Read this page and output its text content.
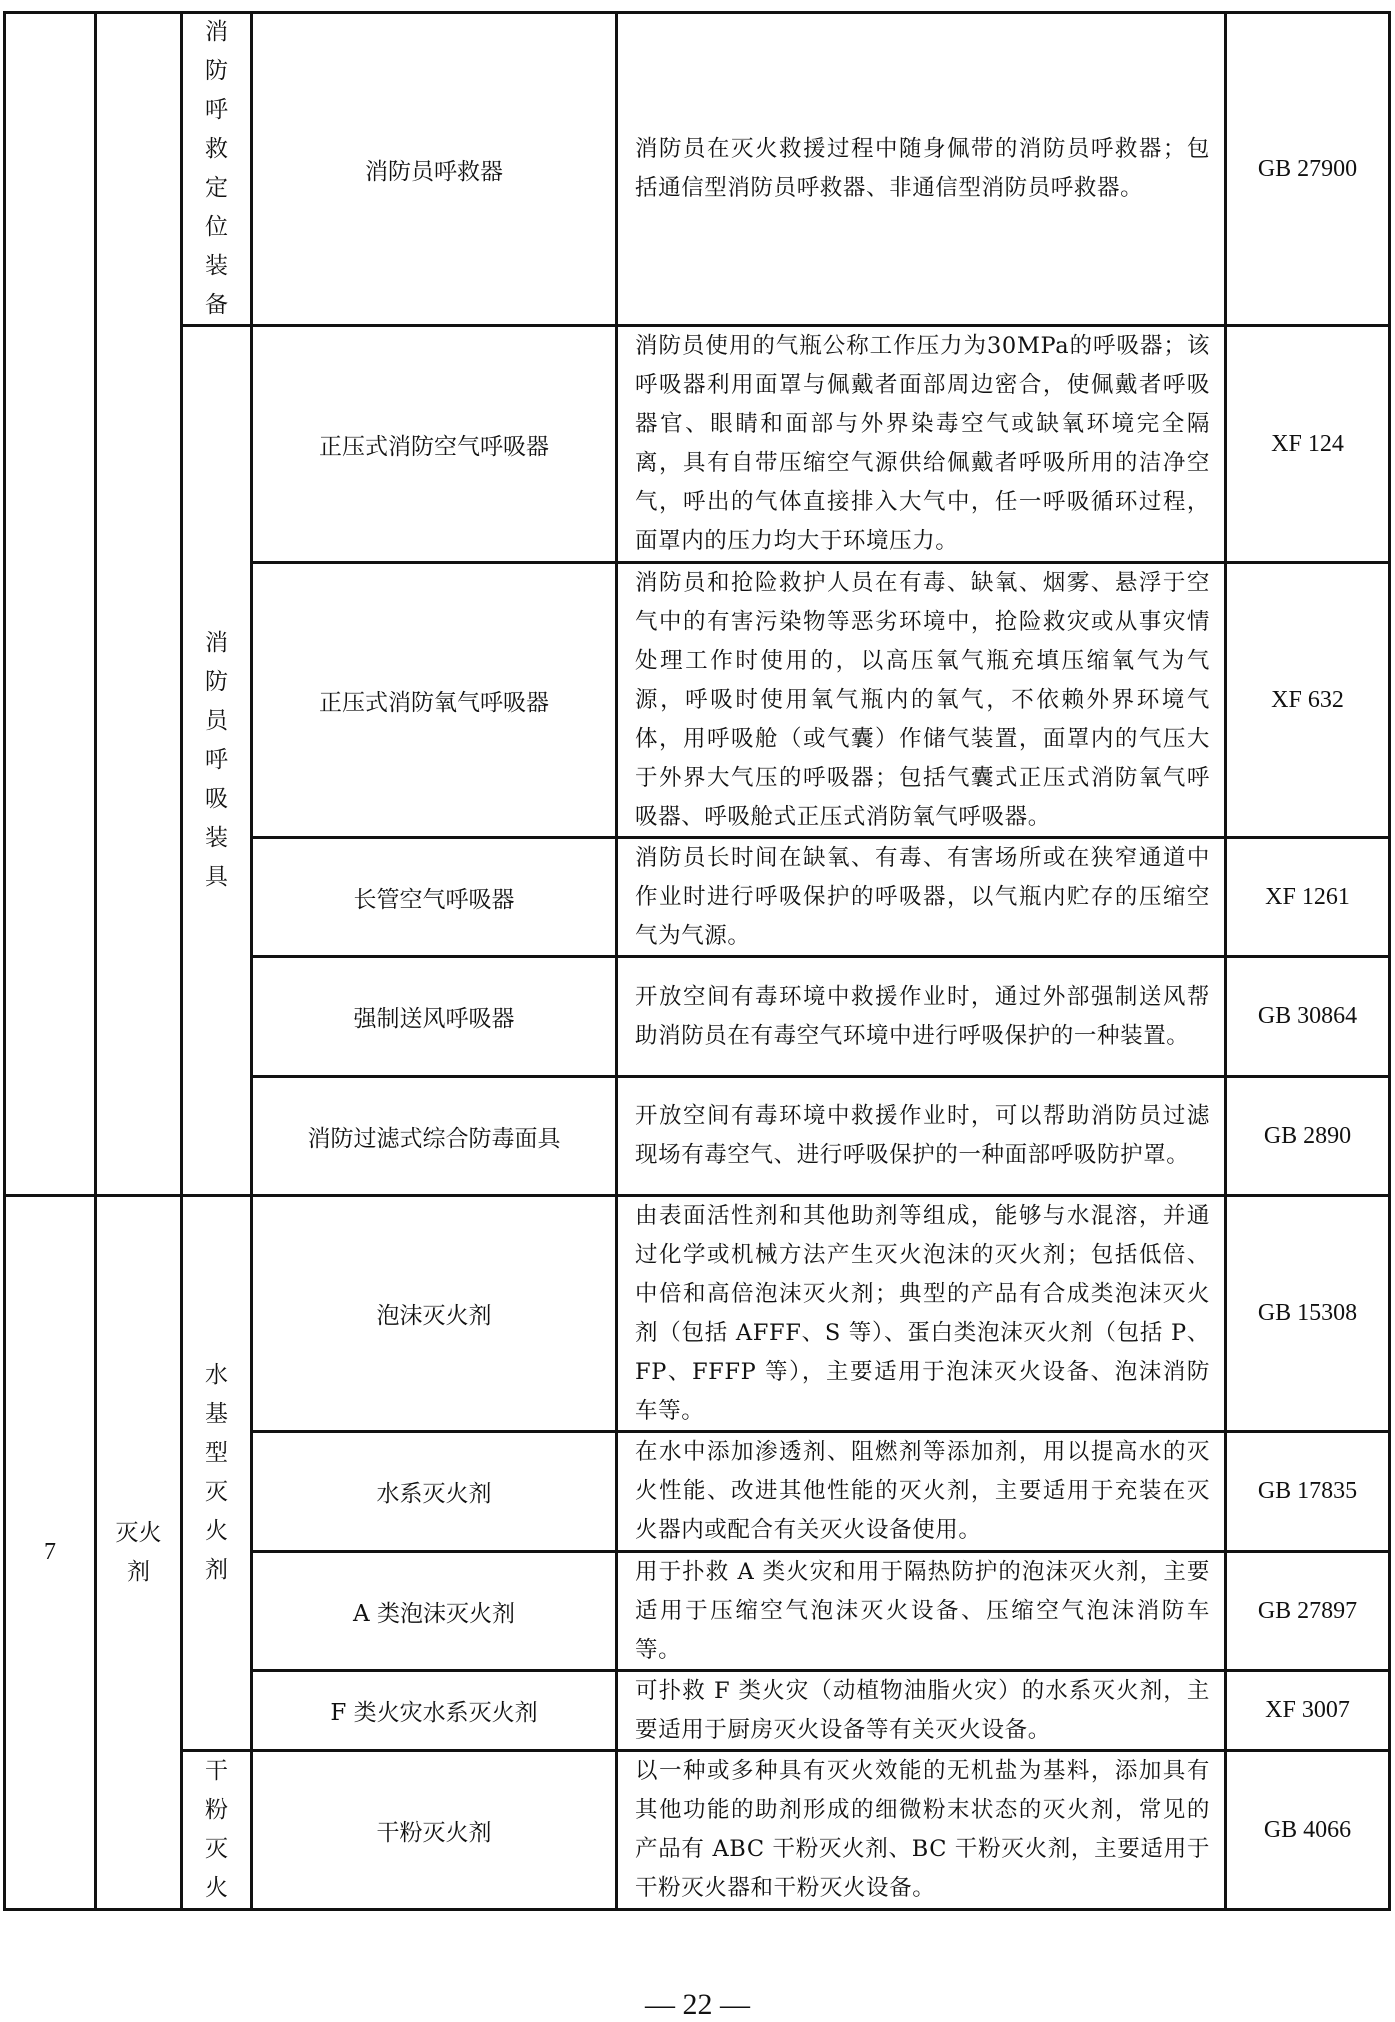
7
灭火剂
消防呼救定位装备
消防员呼吸装具
水基型灭火剂
干粉灭火
消防员呼救器
消防员在灭火救援过程中随身佩带的消防员呼救器；包括通信型消防员呼救器、非通信型消防员呼救器。
GB 27900
正压式消防空气呼吸器
消防员使用的气瓶公称工作压力为30MPa的呼吸器；该呼吸器利用面罩与佩戴者面部周边密合，使佩戴者呼吸器官、眼睛和面部与外界染毒空气或缺氧环境完全隔离，具有自带压缩空气源供给佩戴者呼吸所用的洁净空气，呼出的气体直接排入大气中，任一呼吸循环过程，面罩内的压力均大于环境压力。
XF 124
正压式消防氧气呼吸器
消防员和抢险救护人员在有毒、缺氧、烟雾、悬浮于空气中的有害污染物等恶劣环境中，抢险救灾或从事灾情处理工作时使用的，以高压氧气瓶充填压缩氧气为气源，呼吸时使用氧气瓶内的氧气，不依赖外界环境气体，用呼吸舱（或气囊）作储气装置，面罩内的气压大于外界大气压的呼吸器；包括气囊式正压式消防氧气呼吸器、呼吸舱式正压式消防氧气呼吸器。
XF 632
长管空气呼吸器
消防员长时间在缺氧、有毒、有害场所或在狭窄通道中作业时进行呼吸保护的呼吸器，以气瓶内贮存的压缩空气为气源。
XF 1261
强制送风呼吸器
开放空间有毒环境中救援作业时，通过外部强制送风帮助消防员在有毒空气环境中进行呼吸保护的一种装置。
GB 30864
消防过滤式综合防毒面具
开放空间有毒环境中救援作业时，可以帮助消防员过滤现场有毒空气、进行呼吸保护的一种面部呼吸防护罩。
GB 2890
泡沫灭火剂
由表面活性剂和其他助剂等组成，能够与水混溶，并通过化学或机械方法产生灭火泡沫的灭火剂；包括低倍、中倍和高倍泡沫灭火剂；典型的产品有合成类泡沫灭火剂（包括 AFFF、S 等）、蛋白类泡沫灭火剂（包括 P、FP、FFFP 等），主要适用于泡沫灭火设备、泡沫消防车等。
GB 15308
水系灭火剂
在水中添加渗透剂、阻燃剂等添加剂，用以提高水的灭火性能、改进其他性能的灭火剂，主要适用于充装在灭火器内或配合有关灭火设备使用。
GB 17835
A 类泡沫灭火剂
用于扑救 A 类火灾和用于隔热防护的泡沫灭火剂，主要适用于压缩空气泡沫灭火设备、压缩空气泡沫消防车等。
GB 27897
F 类火灾水系灭火剂
可扑救 F 类火灾（动植物油脂火灾）的水系灭火剂，主要适用于厨房灭火设备等有关灭火设备。
XF 3007
干粉灭火剂
以一种或多种具有灭火效能的无机盐为基料，添加具有其他功能的助剂形成的细微粉末状态的灭火剂，常见的产品有 ABC 干粉灭火剂、BC 干粉灭火剂，主要适用于干粉灭火器和干粉灭火设备。
GB 4066
— 22 —
